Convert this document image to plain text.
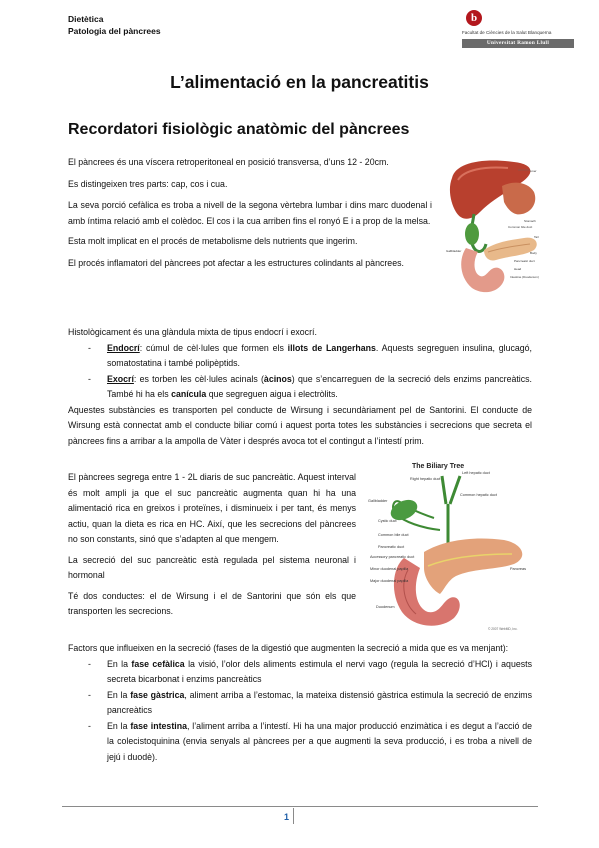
Dietètica
Patologia del pàncrees
b
Facultat de Ciències de la Salut Blanquerna
Universitat Ramon Llull
L’alimentació en la pancreatitis
Recordatori fisiològic anatòmic del pàncrees

El pàncrees és una víscera retroperitoneal en posició transversa, d’uns 12 - 20cm.

Es distingeixen tres parts: cap, cos i cua.

La seva porció cefàlica es troba a nivell de la segona vèrtebra lumbar i dins marc duodenal i amb íntima relació amb el colèdoc. El cos i la cua arriben fins el ronyó E i a prop de la melsa.

Esta molt implicat en el procés de metabolisme dels nutrients que ingerim.

El procés inflamatori del pàncrees pot afectar a les estructures colindants al pàncrees.

Liver
Common bile duct
Gallbladder
Stomach
Tail
Body
Pancreatic duct
Head
Intestine (Duodenum)

Histològicament és una glàndula mixta de tipus endocrí i exocrí.

- Endocrí: cúmul de cèl·lules que formen els illots de Langerhans. Aquests segreguen insulina, glucagó, somatostatina i també polipèptids.
- Exocrí: es torben les cèl·lules acinals (àcinos) que s’encarreguen de la secreció dels enzims pancreàtics. També hi ha els canícula que segreguen aigua i electròlits.

Aquestes substàncies es transporten pel conducte de Wirsung i secundàriament pel de Santorini. El conducte de Wirsung està connectat amb el conducte biliar comú i aquest porta totes les substàncies i secrecions que secreta el pàncrees fins a arribar a la ampolla de Vàter i després avoca tot el contingut a l’intestí prim.

El pàncrees segrega entre 1 - 2L diaris de suc pancreàtic. Aquest interval és molt ampli ja que el suc pancreàtic augmenta quan hi ha una alimentació rica en greixos i proteïnes, i disminueix i per tant, és menys actiu, quan la dieta es rica en HC. Així, que les secrecions del pàncrees no son constants, sinó que s’adapten al que mengem.

La secreció del suc pancreàtic està regulada pel sistema neuronal i hormonal

Té dos conductes: el de Wirsung i el de Santorini que són els que transporten les secrecions.

The Biliary Tree
Left hepatic duct
Right hepatic duct
Common hepatic duct
Gallbladder
Cystic duct
Common bile duct
Pancreatic duct
Accessory pancreatic duct
Minor duodenal papilla
Major duodenal papilla
Pancreas
Duodenum
© 2007 WebMD, Inc.

Factors que influeixen en la secreció (fases de la digestió que augmenten la secreció a mida que es va menjant):

- En la fase cefàlica la visió, l’olor dels aliments estimula el nervi vago (regula la secreció d’HCl) i aquests secreta bicarbonat i enzims pancreàtics
- En la fase gàstrica, aliment arriba a l’estomac, la mateixa distensió gàstrica estimula la secreció de enzims pancreàtics
- En la fase intestina, l’aliment arriba a l’intestí. Hi ha una major producció enzimàtica i es degut a l’acció de la colecistoquinina (envia senyals al pàncrees per a que augmenti la seva producció, i es troba a nivell de jejú i duodè).
1
